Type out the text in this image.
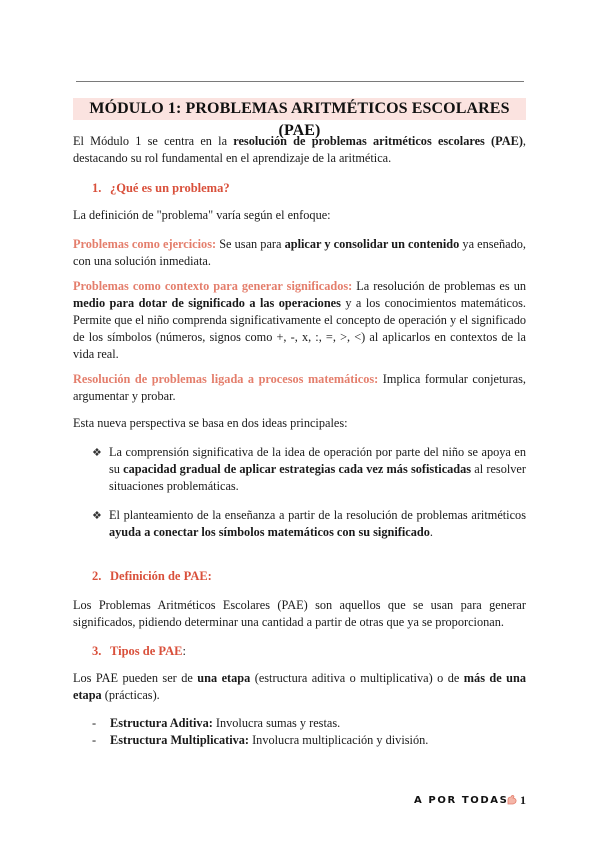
MÓDULO 1: PROBLEMAS ARITMÉTICOS ESCOLARES (PAE)

El Módulo 1 se centra en la resolución de problemas aritméticos escolares (PAE), destacando su rol fundamental en el aprendizaje de la aritmética.

1. ¿Qué es un problema?

La definición de "problema" varía según el enfoque:

Problemas como ejercicios: Se usan para aplicar y consolidar un contenido ya enseñado, con una solución inmediata.

Problemas como contexto para generar significados: La resolución de problemas es un medio para dotar de significado a las operaciones y a los conocimientos matemáticos. Permite que el niño comprenda significativamente el concepto de operación y el significado de los símbolos (números, signos como +, -, x, :, =, >, <) al aplicarlos en contextos de la vida real.

Resolución de problemas ligada a procesos matemáticos: Implica formular conjeturas, argumentar y probar.

Esta nueva perspectiva se basa en dos ideas principales:

❖ La comprensión significativa de la idea de operación por parte del niño se apoya en su capacidad gradual de aplicar estrategias cada vez más sofisticadas al resolver situaciones problemáticas.
❖ El planteamiento de la enseñanza a partir de la resolución de problemas aritméticos ayuda a conectar los símbolos matemáticos con su significado.
2. Definición de PAE:

Los Problemas Aritméticos Escolares (PAE) son aquellos que se usan para generar significados, pidiendo determinar una cantidad a partir de otras que ya se proporcionan.

3. Tipos de PAE:

Los PAE pueden ser de una etapa (estructura aditiva o multiplicativa) o de más de una etapa (prácticas).

- Estructura Aditiva: Involucra sumas y restas.
- Estructura Multiplicativa: Involucra multiplicación y división.
A POR TODAS 1
